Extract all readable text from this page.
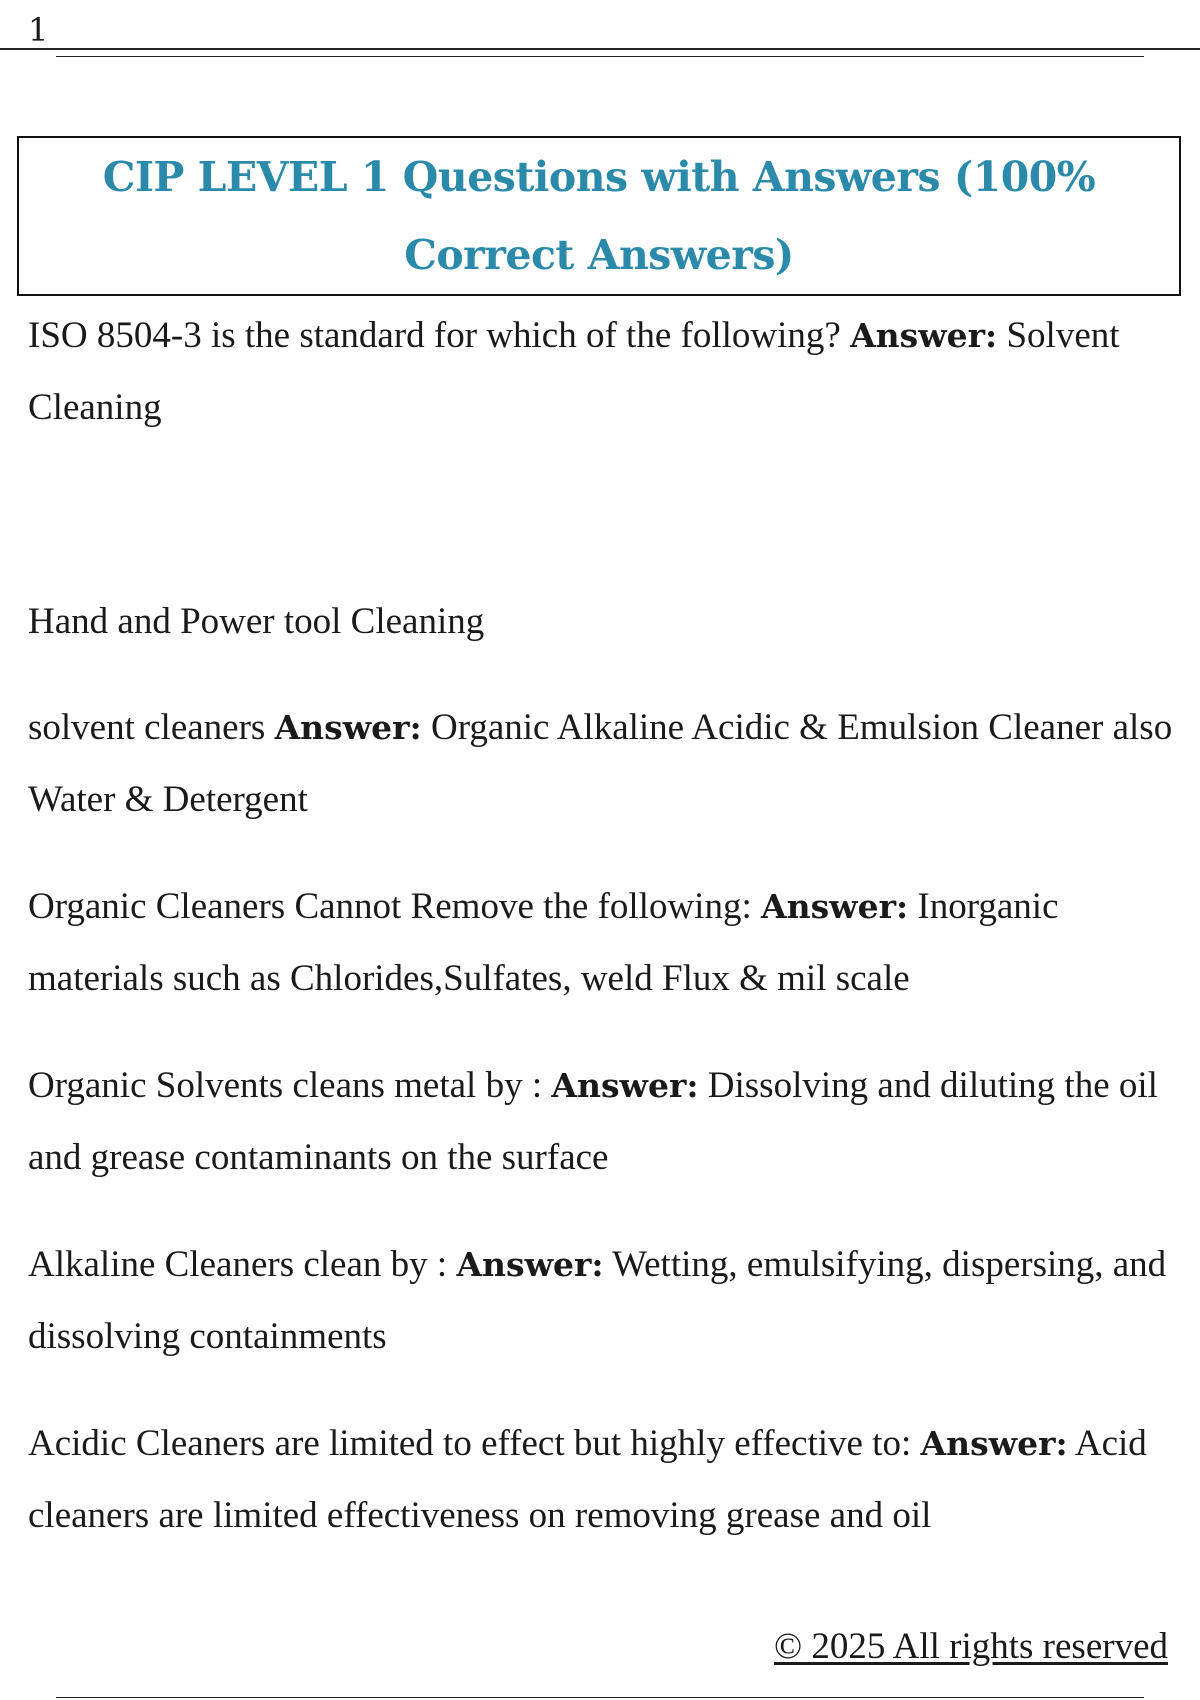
1
CIP LEVEL 1 Questions with Answers (100% Correct Answers)
ISO 8504-3 is the standard for which of the following? Answer: Solvent Cleaning
Hand and Power tool Cleaning
solvent cleaners Answer: Organic Alkaline Acidic & Emulsion Cleaner also Water & Detergent
Organic Cleaners Cannot Remove the following: Answer: Inorganic materials such as Chlorides,Sulfates, weld Flux & mil scale
Organic Solvents cleans metal by : Answer: Dissolving and diluting the oil and grease contaminants on the surface
Alkaline Cleaners clean by : Answer: Wetting, emulsifying, dispersing, and dissolving containments
Acidic Cleaners are limited to effect but highly effective to: Answer: Acid cleaners are limited effectiveness on removing grease and oil
© 2025 All rights reserved
